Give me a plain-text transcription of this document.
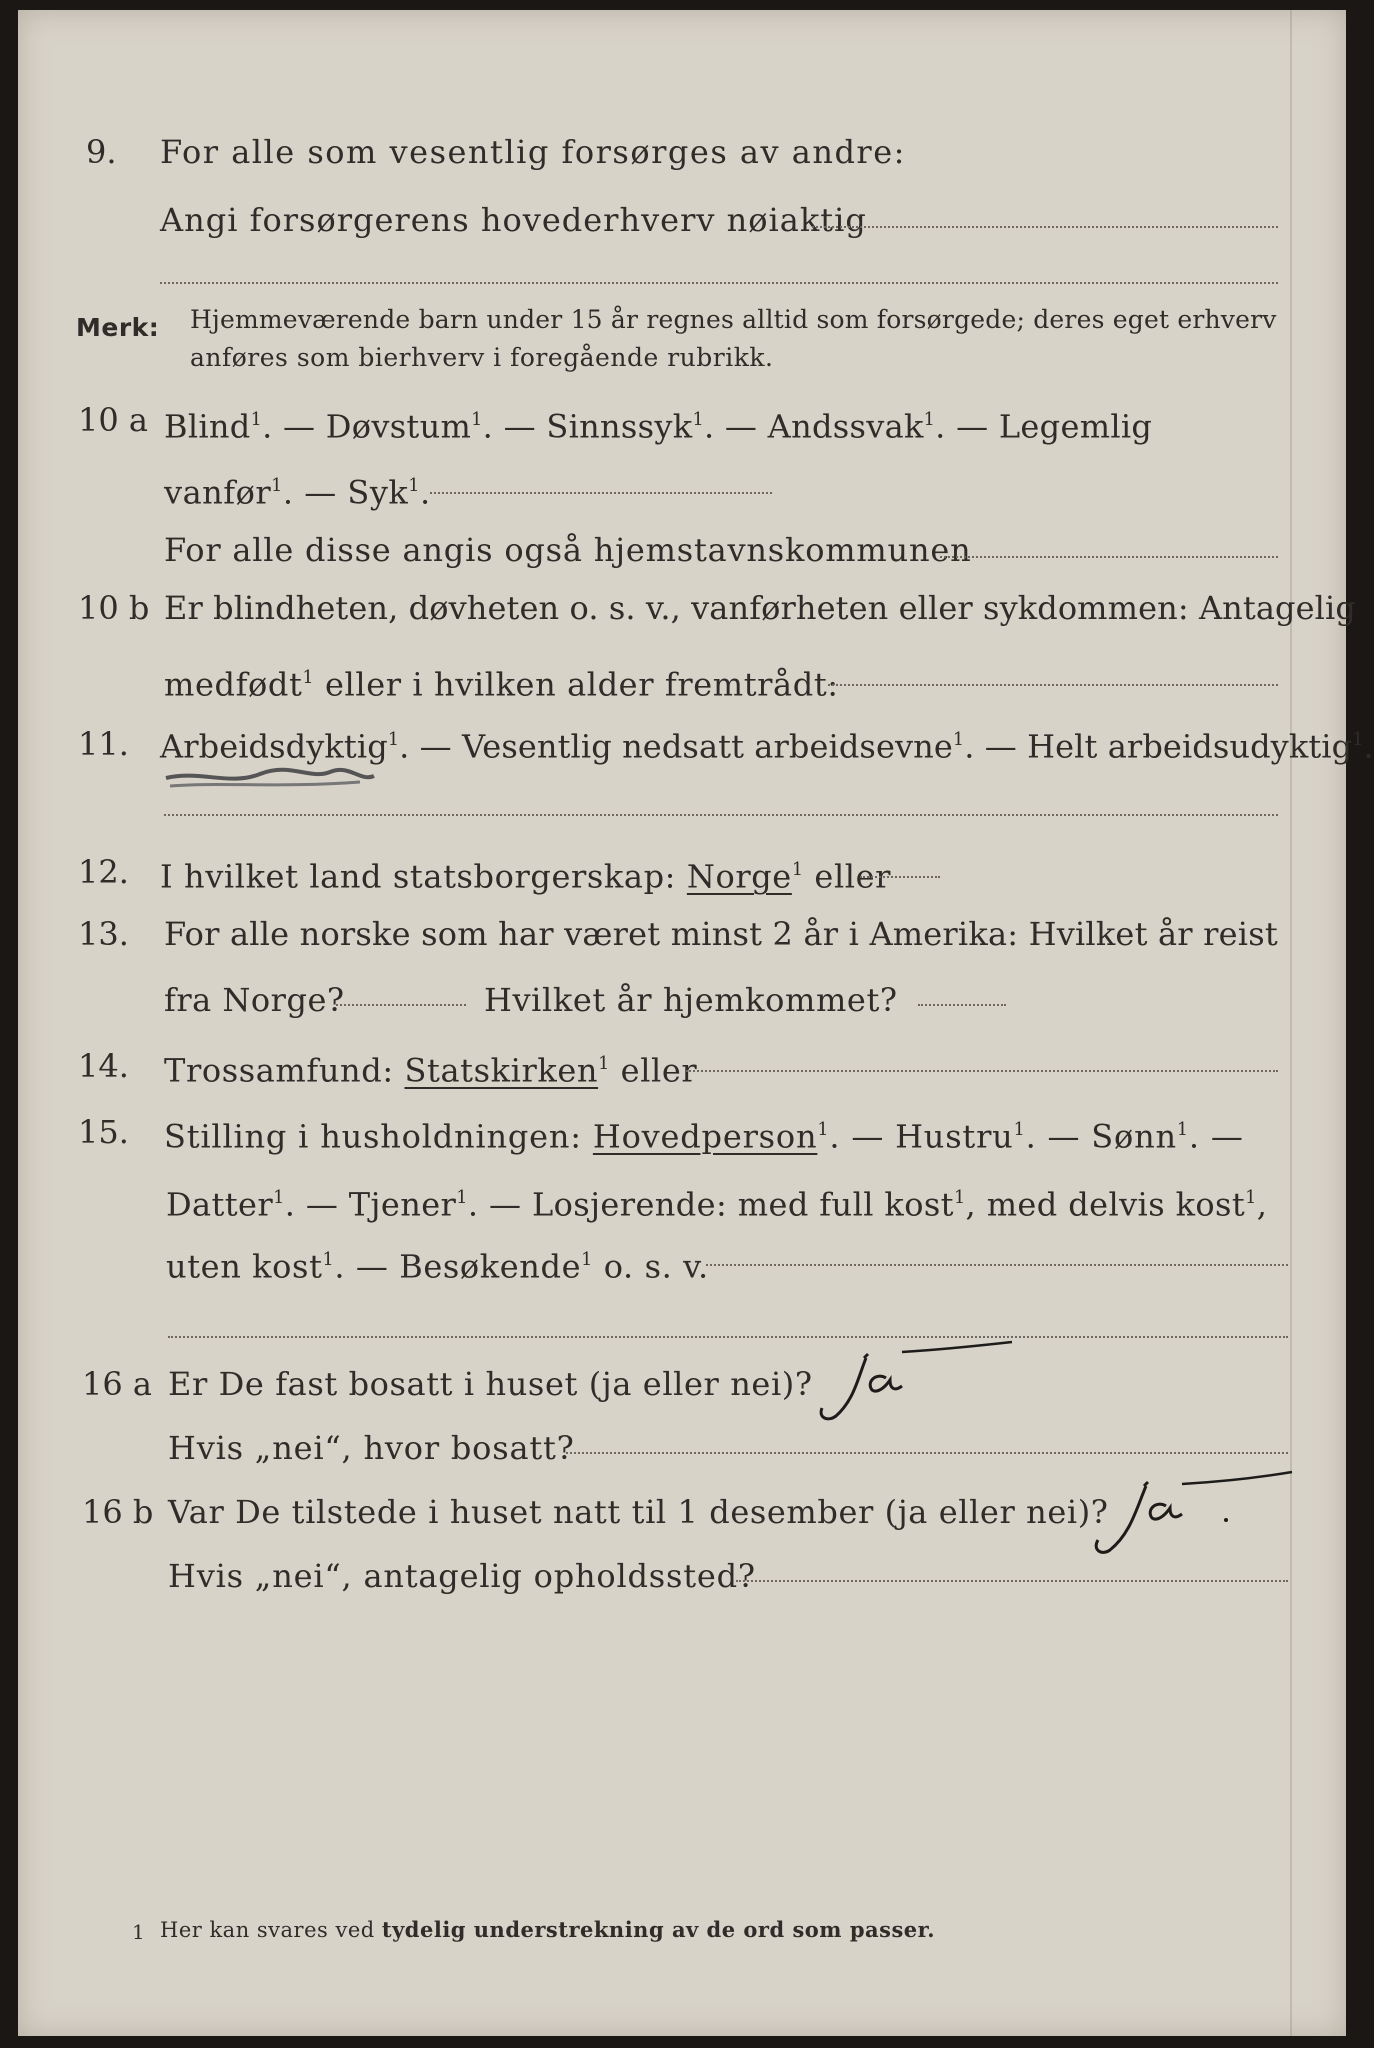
9. For alle som vesentlig forsørges av andre:
Angi forsørgerens hovederhverv nøiaktig
Merk: Hjemmeværende barn under 15 år regnes alltid som forsørgede; deres eget erhverv
anføres som bierhverv i foregående rubrikk.
10 a Blind$^1$. — Døvstum$^1$. — Sinnssyk$^1$. — Andssvak$^1$. — Legemlig
vanfør$^1$. — Syk$^1$.
For alle disse angis også hjemstavnskommunen
10 b Er blindheten, døvheten o. s. v., vanførheten eller sykdommen: Antagelig
medfødt$^1$ eller i hvilken alder fremtrådt:
11. Arbeidsdyktig$^1$. — Vesentlig nedsatt arbeidsevne$^1$. — Helt arbeidsudyktig$^1$.
12. I hvilket land statsborgerskap: Norge$^1$ eller
13. For alle norske som har været minst 2 år i Amerika: Hvilket år reist
fra Norge?	Hvilket år hjemkommet?
14. Trossamfund: Statskirken$^1$ eller
15. Stilling i husholdningen: Hovedperson$^1$. — Hustru$^1$. — Sønn$^1$. —
Datter$^1$. — Tjener$^1$. — Losjerende: med full kost$^1$, med delvis kost$^1$,
uten kost$^1$. — Besøkende$^1$ o. s. v.
16 a Er De fast bosatt i huset (ja eller nei)?
Hvis „nei“, hvor bosatt?
16 b Var De tilstede i huset natt til 1 desember (ja eller nei)?
Hvis „nei“, antagelig opholdssted?
1 Her kan svares ved tydelig understrekning av de ord som passer.
